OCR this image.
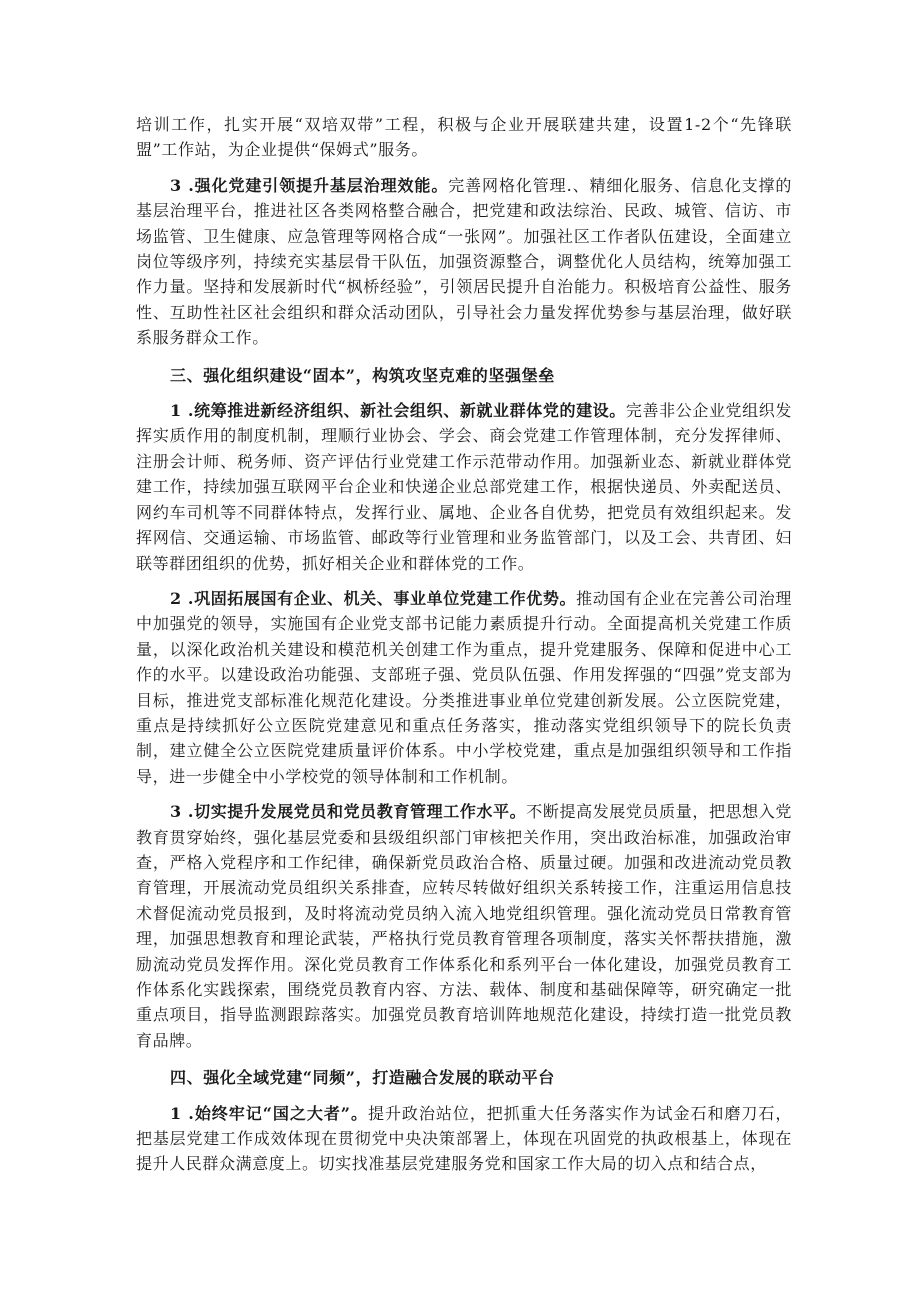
培训工作，扎实开展“双培双带”工程，积极与企业开展联建共建，设置1-2个“先锋联盟”工作站，为企业提供“保姆式”服务。

3 .强化党建引领提升基层治理效能。完善网格化管理.、精细化服务、信息化支撑的基层治理平台，推进社区各类网格整合融合，把党建和政法综治、民政、城管、信访、市场监管、卫生健康、应急管理等网格合成“一张网”。加强社区工作者队伍建设，全面建立岗位等级序列，持续充实基层骨干队伍，加强资源整合，调整优化人员结构，统筹加强工作力量。坚持和发展新时代“枫桥经验”，引领居民提升自治能力。积极培育公益性、服务性、互助性社区社会组织和群众活动团队，引导社会力量发挥优势参与基层治理，做好联系服务群众工作。

三、强化组织建设“固本”，构筑攻坚克难的坚强堡垒

1 .统筹推进新经济组织、新社会组织、新就业群体党的建设。完善非公企业党组织发挥实质作用的制度机制，理顺行业协会、学会、商会党建工作管理体制，充分发挥律师、注册会计师、税务师、资产评估行业党建工作示范带动作用。加强新业态、新就业群体党建工作，持续加强互联网平台企业和快递企业总部党建工作，根据快递员、外卖配送员、网约车司机等不同群体特点，发挥行业、属地、企业各自优势，把党员有效组织起来。发挥网信、交通运输、市场监管、邮政等行业管理和业务监管部门，以及工会、共青团、妇联等群团组织的优势，抓好相关企业和群体党的工作。

2 .巩固拓展国有企业、机关、事业单位党建工作优势。推动国有企业在完善公司治理中加强党的领导，实施国有企业党支部书记能力素质提升行动。全面提高机关党建工作质量，以深化政治机关建设和模范机关创建工作为重点，提升党建服务、保障和促进中心工作的水平。以建设政治功能强、支部班子强、党员队伍强、作用发挥强的“四强”党支部为目标，推进党支部标准化规范化建设。分类推进事业单位党建创新发展。公立医院党建，重点是持续抓好公立医院党建意见和重点任务落实，推动落实党组织领导下的院长负责制，建立健全公立医院党建质量评价体系。中小学校党建，重点是加强组织领导和工作指导，进一步健全中小学校党的领导体制和工作机制。

3 .切实提升发展党员和党员教育管理工作水平。不断提高发展党员质量，把思想入党教育贯穿始终，强化基层党委和县级组织部门审核把关作用，突出政治标准，加强政治审查，严格入党程序和工作纪律，确保新党员政治合格、质量过硬。加强和改进流动党员教育管理，开展流动党员组织关系排查，应转尽转做好组织关系转接工作，注重运用信息技术督促流动党员报到，及时将流动党员纳入流入地党组织管理。强化流动党员日常教育管理，加强思想教育和理论武装，严格执行党员教育管理各项制度，落实关怀帮扶措施，激励流动党员发挥作用。深化党员教育工作体系化和系列平台一体化建设，加强党员教育工作体系化实践探索，围绕党员教育内容、方法、载体、制度和基础保障等，研究确定一批重点项目，指导监测跟踪落实。加强党员教育培训阵地规范化建设，持续打造一批党员教育品牌。

四、强化全域党建“同频”，打造融合发展的联动平台

1 .始终牢记“国之大者”。提升政治站位，把抓重大任务落实作为试金石和磨刀石，把基层党建工作成效体现在贯彻党中央决策部署上，体现在巩固党的执政根基上，体现在提升人民群众满意度上。切实找准基层党建服务党和国家工作大局的切入点和结合点，
